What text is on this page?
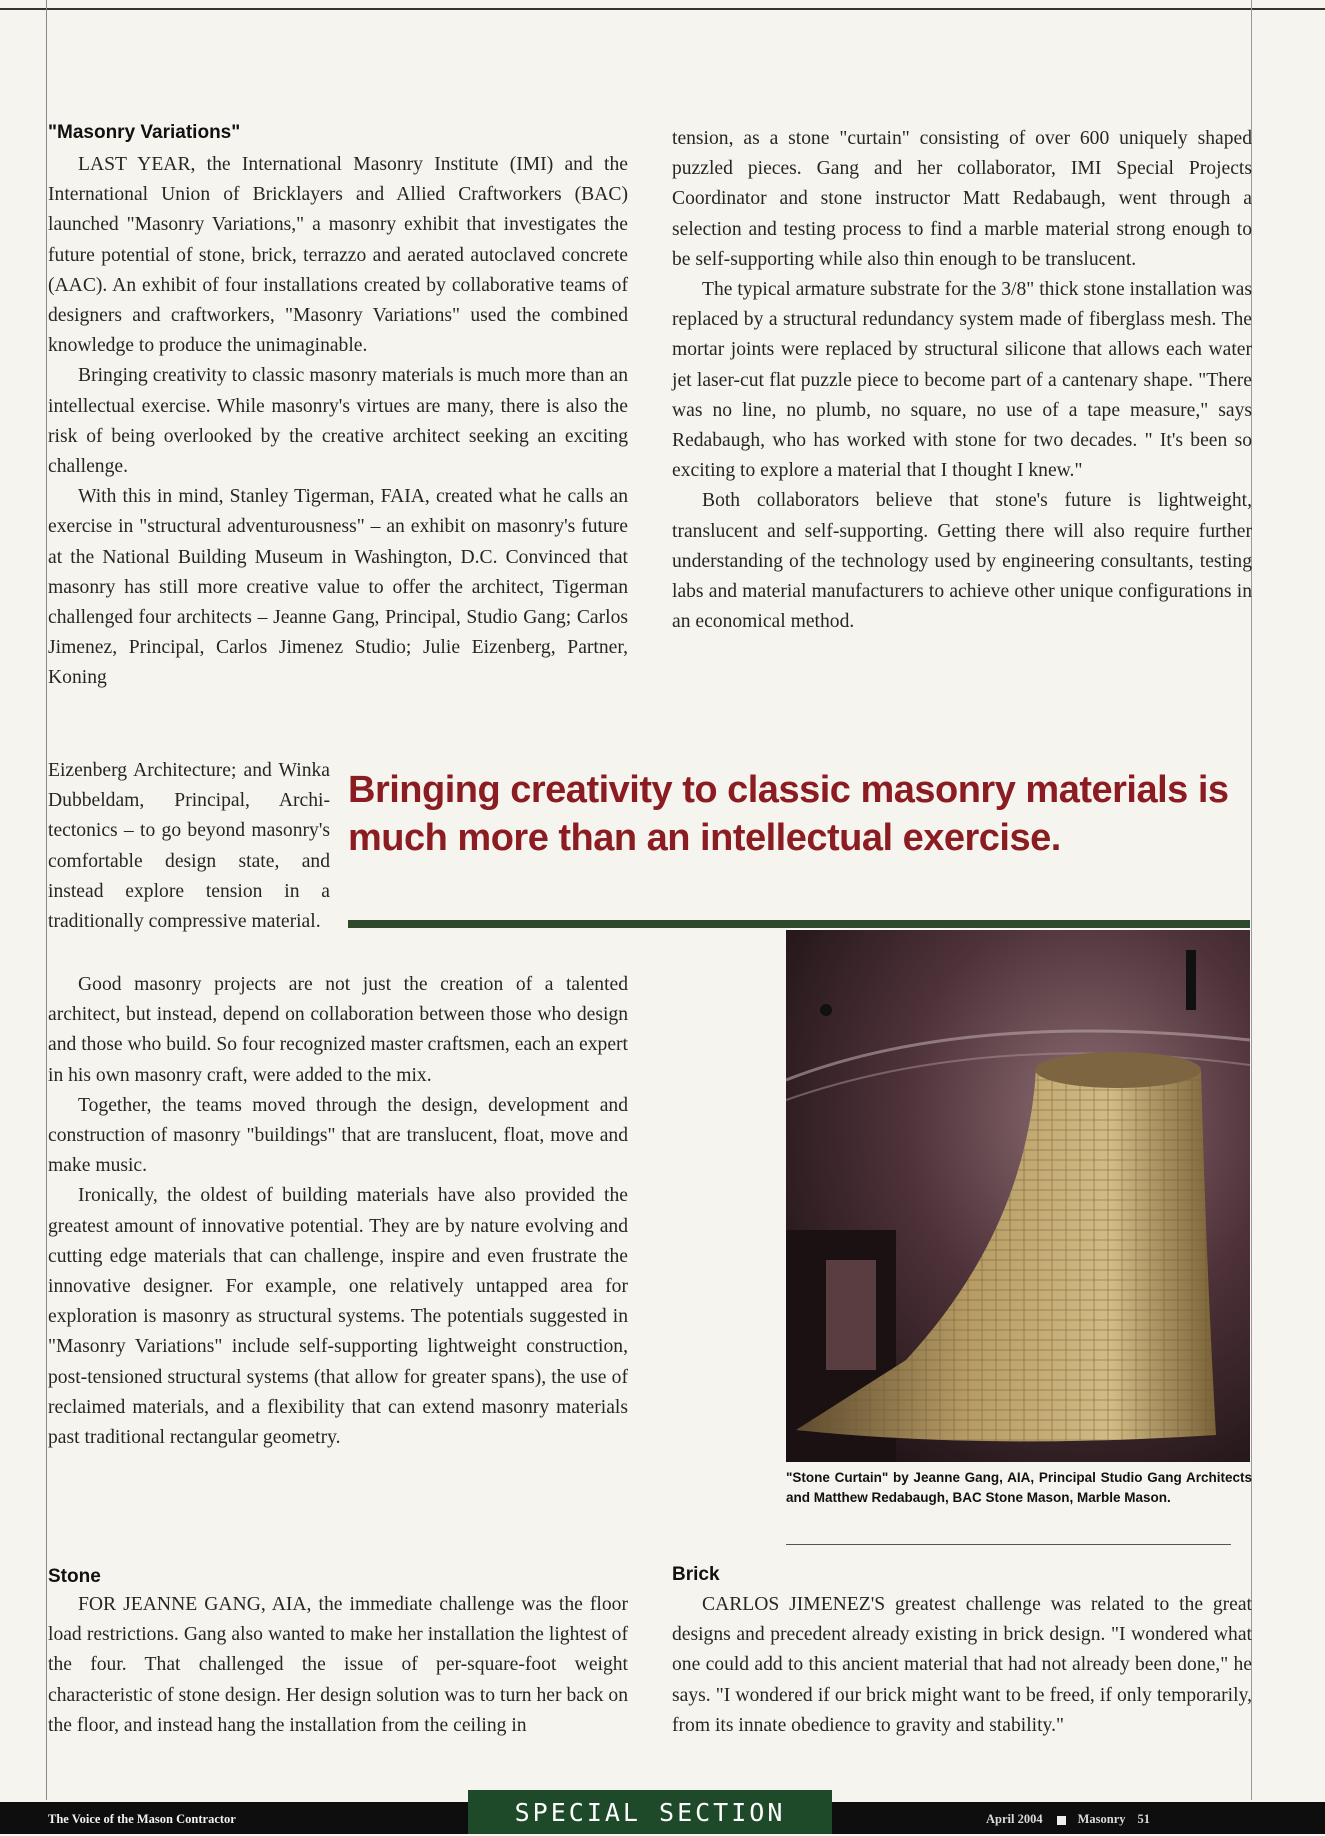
"Masonry Variations"

LAST YEAR, the International Masonry Institute (IMI) and the International Union of Bricklayers and Allied Craftworkers (BAC) launched "Masonry Variations," a masonry exhibit that investigates the future potential of stone, brick, terrazzo and aerated autoclaved concrete (AAC). An exhibit of four installations created by collaborative teams of designers and craftworkers, "Masonry Variations" used the combined knowledge to produce the unimaginable.

Bringing creativity to classic masonry materials is much more than an intellectual exercise. While masonry's virtues are many, there is also the risk of being overlooked by the creative architect seeking an exciting challenge.

With this in mind, Stanley Tigerman, FAIA, created what he calls an exercise in "structural adventurousness" – an exhibit on masonry's future at the National Building Museum in Washington, D.C. Convinced that masonry has still more creative value to offer the architect, Tigerman challenged four architects – Jeanne Gang, Principal, Studio Gang; Carlos Jimenez, Principal, Carlos Jimenez Studio; Julie Eizenberg, Partner, Koning

Eizenberg Architecture; and Winka Dubbeldam, Principal, Archi-tectonics – to go beyond masonry's comfortable design state, and instead explore tension in a traditionally compressive material.

Bringing creativity to classic masonry materials is much more than an intellectual exercise.

Good masonry projects are not just the creation of a talented architect, but instead, depend on collaboration between those who design and those who build. So four recognized master craftsmen, each an expert in his own masonry craft, were added to the mix.

Together, the teams moved through the design, development and construction of masonry "buildings" that are translucent, float, move and make music.

Ironically, the oldest of building materials have also provided the greatest amount of innovative potential. They are by nature evolving and cutting edge materials that can challenge, inspire and even frustrate the innovative designer. For example, one relatively untapped area for exploration is masonry as structural systems. The potentials suggested in "Masonry Variations" include self-supporting lightweight construction, post-tensioned structural systems (that allow for greater spans), the use of reclaimed materials, and a flexibility that can extend masonry materials past traditional rectangular geometry.

tension, as a stone "curtain" consisting of over 600 uniquely shaped puzzled pieces. Gang and her collaborator, IMI Special Projects Coordinator and stone instructor Matt Redabaugh, went through a selection and testing process to find a marble material strong enough to be self-supporting while also thin enough to be translucent.

The typical armature substrate for the 3/8" thick stone installation was replaced by a structural redundancy system made of fiberglass mesh. The mortar joints were replaced by structural silicone that allows each water jet laser-cut flat puzzle piece to become part of a cantenary shape. "There was no line, no plumb, no square, no use of a tape measure," says Redabaugh, who has worked with stone for two decades. " It's been so exciting to explore a material that I thought I knew."

Both collaborators believe that stone's future is lightweight, translucent and self-supporting. Getting there will also require further understanding of the technology used by engineering consultants, testing labs and material manufacturers to achieve other unique configurations in an economical method.

"Stone Curtain" by Jeanne Gang, AIA, Principal Studio Gang Architects and Matthew Redabaugh, BAC Stone Mason, Marble Mason.
Stone

FOR JEANNE GANG, AIA, the immediate challenge was the floor load restrictions. Gang also wanted to make her installation the lightest of the four. That challenged the issue of per-square-foot weight characteristic of stone design. Her design solution was to turn her back on the floor, and instead hang the installation from the ceiling in

Brick

CARLOS JIMENEZ'S greatest challenge was related to the great designs and precedent already existing in brick design. "I wondered what one could add to this ancient material that had not already been done," he says. "I wondered if our brick might want to be freed, if only temporarily, from its innate obedience to gravity and stability."

The Voice of the Mason Contractor	SPECIAL SECTION	April 2004	Masonry 51
